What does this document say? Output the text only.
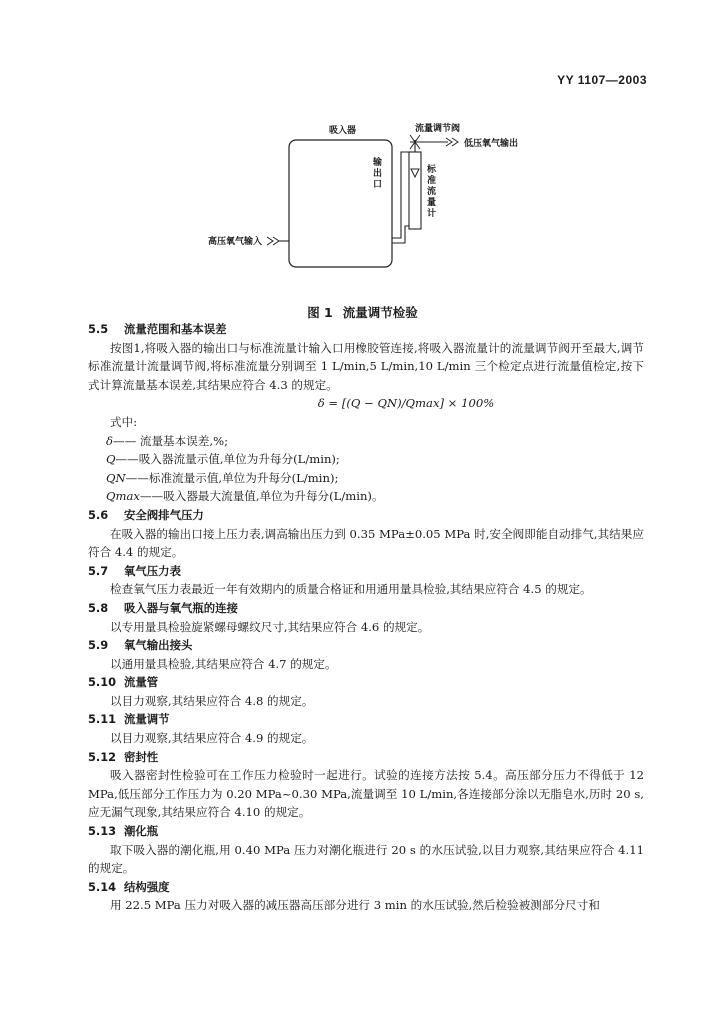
YY 1107—2003
吸入器
输
出
口
标
准
流
量
计
流量调节阀
低压氧气输出
高压氧气输入
图 1 流量调节检验
5.5 流量范围和基本误差
按图1,将吸入器的输出口与标准流量计输入口用橡胶管连接,将吸入器流量计的流量调节阀开至最大,调节标准流量计流量调节阀,将标准流量分别调至 1 L/min,5 L/min,10 L/min 三个检定点进行流量值检定,按下式计算流量基本误差,其结果应符合 4.3 的规定。
δ = [(Q − QN)/Qmax] × 100%
式中:
δ—— 流量基本误差,%;
Q——吸入器流量示值,单位为升每分(L/min);
QN——标准流量示值,单位为升每分(L/min);
Qmax——吸入器最大流量值,单位为升每分(L/min)。
5.6 安全阀排气压力
在吸入器的输出口接上压力表,调高输出压力到 0.35 MPa±0.05 MPa 时,安全阀即能自动排气,其结果应符合 4.4 的规定。
5.7 氧气压力表
检查氧气压力表最近一年有效期内的质量合格证和用通用量具检验,其结果应符合 4.5 的规定。
5.8 吸入器与氧气瓶的连接
以专用量具检验旋紧螺母螺纹尺寸,其结果应符合 4.6 的规定。
5.9 氧气输出接头
以通用量具检验,其结果应符合 4.7 的规定。
5.10 流量管
以目力观察,其结果应符合 4.8 的规定。
5.11 流量调节
以目力观察,其结果应符合 4.9 的规定。
5.12 密封性
吸入器密封性检验可在工作压力检验时一起进行。试验的连接方法按 5.4。高压部分压力不得低于 12 MPa,低压部分工作压力为 0.20 MPa~0.30 MPa,流量调至 10 L/min,各连接部分涂以无脂皂水,历时 20 s,应无漏气现象,其结果应符合 4.10 的规定。
5.13 潮化瓶
取下吸入器的潮化瓶,用 0.40 MPa 压力对潮化瓶进行 20 s 的水压试验,以目力观察,其结果应符合 4.11 的规定。
5.14 结构强度
用 22.5 MPa 压力对吸入器的减压器高压部分进行 3 min 的水压试验,然后检验被测部分尺寸和
